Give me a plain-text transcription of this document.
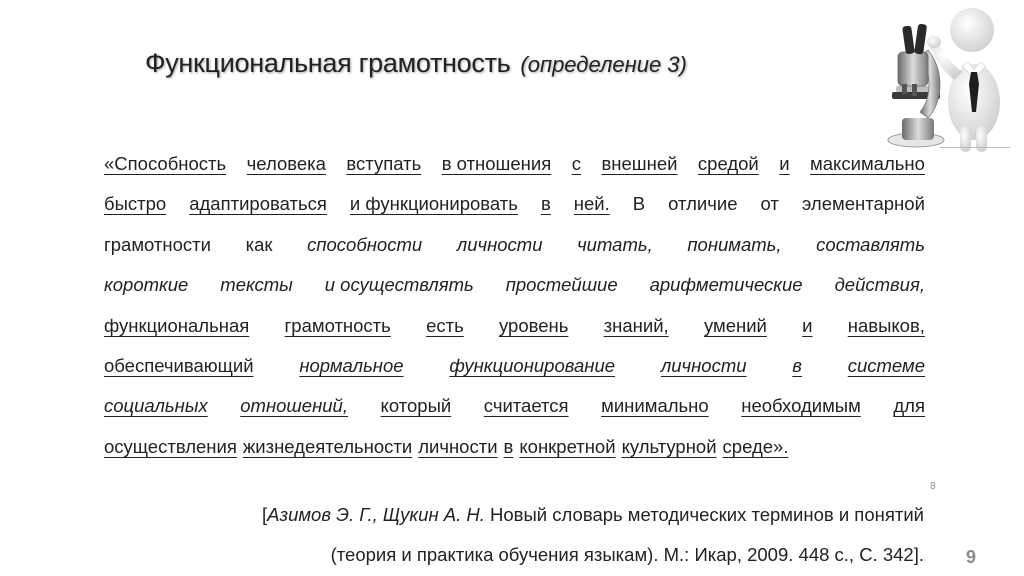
Функциональная грамотность (определение 3)
«Способность человека вступать в отношения с внешней средой и максимально
быстро адаптироваться и функционировать в ней. В отличие от элементарной
грамотности как способности личности читать, понимать, составлять
короткие тексты и осуществлять простейшие арифметические действия,
функциональная грамотность есть уровень знаний, умений и навыков,
обеспечивающий нормальное функционирование личности в системе
социальных отношений, который считается минимально необходимым для
осуществления жизнедеятельности личности в конкретной культурной среде».
8
[Азимов Э. Г., Щукин А. Н. Новый словарь методических терминов и понятий
(теория и практика обучения языкам). М.: Икар, 2009. 448 с., С. 342]. 9
